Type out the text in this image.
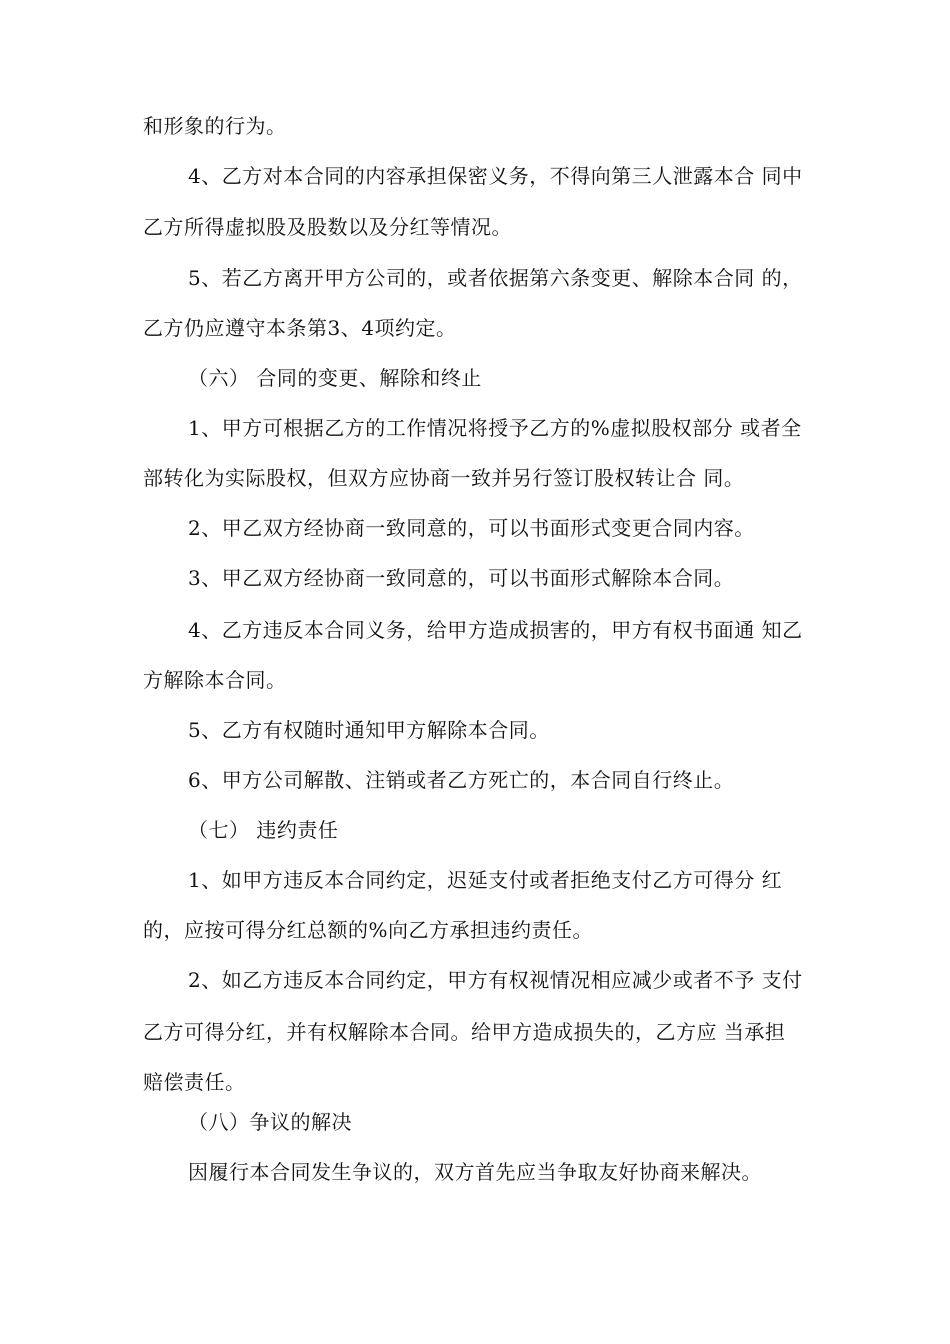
和形象的行为。
4、乙方对本合同的内容承担保密义务，不得向第三人泄露本合 同中
乙方所得虚拟股及股数以及分红等情况。
5、若乙方离开甲方公司的，或者依据第六条变更、解除本合同 的，
乙方仍应遵守本条第3、4项约定。
（六） 合同的变更、解除和终止
1、甲方可根据乙方的工作情况将授予乙方的%虚拟股权部分 或者全
部转化为实际股权，但双方应协商一致并另行签订股权转让合 同。
2、甲乙双方经协商一致同意的，可以书面形式变更合同内容。
3、甲乙双方经协商一致同意的，可以书面形式解除本合同。
4、乙方违反本合同义务，给甲方造成损害的，甲方有权书面通 知乙
方解除本合同。
5、乙方有权随时通知甲方解除本合同。
6、甲方公司解散、注销或者乙方死亡的，本合同自行终止。
（七） 违约责任
1、如甲方违反本合同约定，迟延支付或者拒绝支付乙方可得分 红
的，应按可得分红总额的%向乙方承担违约责任。
2、如乙方违反本合同约定，甲方有权视情况相应减少或者不予 支付
乙方可得分红，并有权解除本合同。给甲方造成损失的，乙方应 当承担
赔偿责任。
（八）争议的解决
因履行本合同发生争议的，双方首先应当争取友好协商来解决。
